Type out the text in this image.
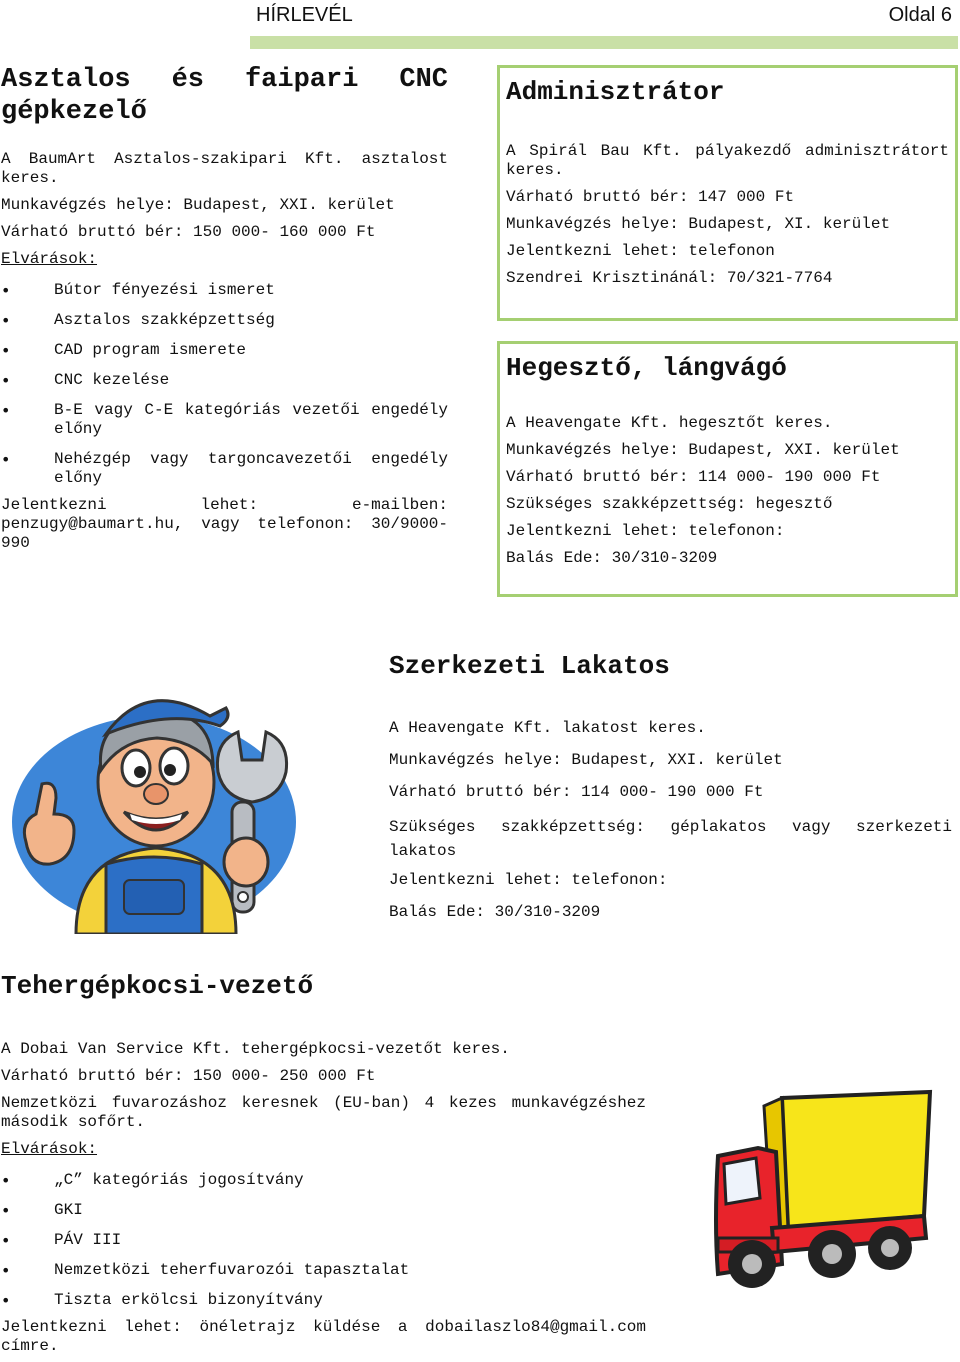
HÍRLEVÉL	Oldal 6
Asztalos és faipari CNC gépkezelő

A BaumArt Asztalos-szakipari Kft. asztalost keres.

Munkavégzés helye: Budapest, XXI. kerület

Várható bruttó bér: 150 000- 160 000 Ft

Elvárások:

• Bútor fényezési ismeret
• Asztalos szakképzettség
• CAD program ismerete
• CNC kezelése
• B-E vagy C-E kategóriás vezetői engedély előny
• Nehézgép vagy targoncavezetői engedély előny

Jelentkezni lehet: e-mailben: penzugy@baumart.hu, vagy telefonon: 30/9000-990

Adminisztrátor

A Spirál Bau Kft. pályakezdő adminisztrátort keres.

Várható bruttó bér: 147 000 Ft

Munkavégzés helye: Budapest, XI. kerület

Jelentkezni lehet: telefonon

Szendrei Krisztinánál: 70/321-7764

Hegesztő, lángvágó

A Heavengate Kft. hegesztőt keres.

Munkavégzés helye: Budapest, XXI. kerület

Várható bruttó bér: 114 000- 190 000 Ft

Szükséges szakképzettség: hegesztő

Jelentkezni lehet: telefonon:

Balás Ede: 30/310-3209

Szerkezeti Lakatos

A Heavengate Kft. lakatost keres.

Munkavégzés helye: Budapest, XXI. kerület

Várható bruttó bér: 114 000- 190 000 Ft

Szükséges szakképzettség: géplakatos vagy szerkezeti lakatos

Jelentkezni lehet: telefonon:

Balás Ede: 30/310-3209

Tehergépkocsi-vezető

A Dobai Van Service Kft. tehergépkocsi-vezetőt keres.

Várható bruttó bér: 150 000- 250 000 Ft

Nemzetközi fuvarozáshoz keresnek (EU-ban) 4 kezes munkavégzéshez második sofőrt.

Elvárások:

• „C” kategóriás jogosítvány
• GKI
• PÁV III
• Nemzetközi teherfuvarozói tapasztalat
• Tiszta erkölcsi bizonyítvány

Jelentkezni lehet: önéletrajz küldése a dobailaszlo84@gmail.com címre.
